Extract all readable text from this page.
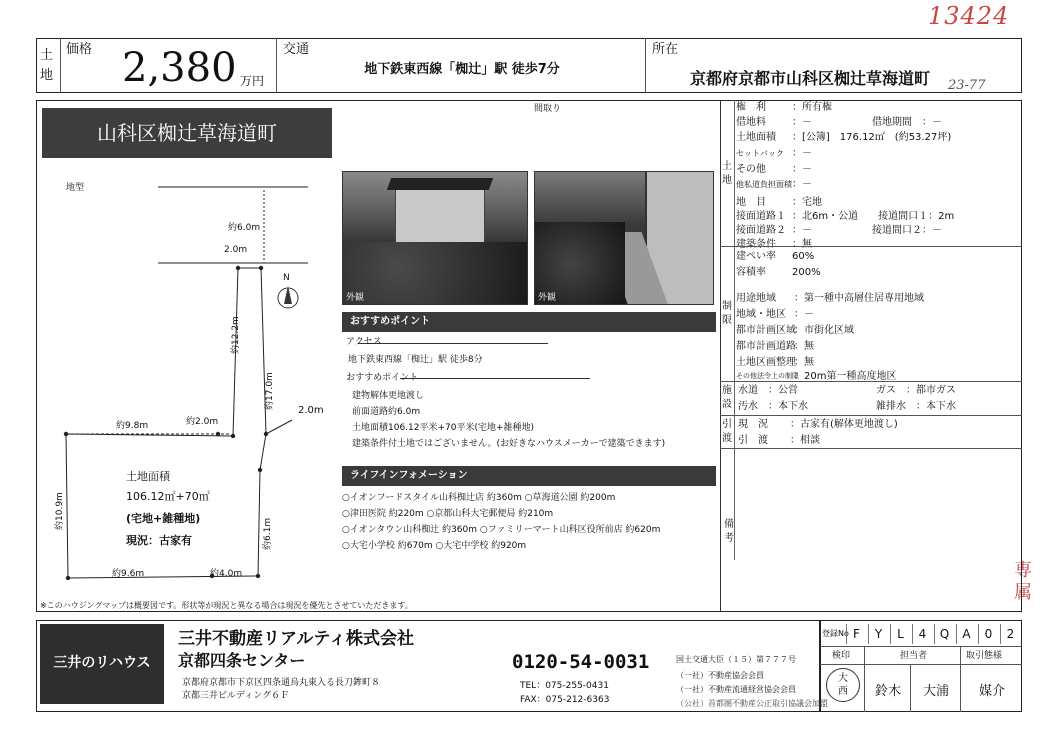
13424
23-77
専属
土
地
価格 2,380 万円
交通
地下鉄東西線「椥辻」駅 徒歩7分
所在
京都府京都市山科区椥辻草海道町
山科区椥辻草海道町
間取り
地型
N
約6.0m
2.0m
約12.2m
約17.0m
2.0m
約9.8m	約2.0m
約10.9m
約6.1m
約9.6m	約4.0m
土地面積
106.12㎡+70㎡
(宅地+雑種地)
現況：古家有
外観	外観
おすすめポイント
アクセス
地下鉄東西線「椥辻」駅 徒歩8分
おすすめポイント
建物解体更地渡し
前面道路約6.0m
土地面積106.12平米+70平米(宅地+雑種地)
建築条件付土地ではございません。(お好きなハウスメーカーで建築できます)
ライフインフォメーション
○イオンフードスタイル山科椥辻店 約360m ○草海道公園 約200m
○津田医院 約220m ○京都山科大宅郵便局 約210m
○イオンタウン山科椥辻 約360m ○ファミリーマート山科区役所前店 約620m
○大宅小学校 約670m ○大宅中学校 約920m
※このハウジングマップは概要図です。形状等が現況と異なる場合は現況を優先とさせていただきます。
土地
権　利	：所有権
借地料	：－　　　　　　借地期間　：－
土地面積 ：[公簿]　176.12㎡　(約53.27坪)
セットバック ：－
その他	：－
他私道負担面積 ：－
地　目	：宅地
接面道路１ ：北6m・公道　　接道間口１：2m
接面道路２ ：－　　　　　　接道間口２：－
建築条件 ：無
制限
建ぺい率 60%
容積率	200%
用途地域 ：第一種中高層住居専用地域
地域・地区 ：－
都市計画区域
：市街化区域
都市計画道路
：無
土地区画整理
：無
その他法令上の制限
：20m第一種高度地区
施
設
水道　：公営	ガス　：都市ガス
汚水　：本下水	雑排水　：本下水
引
渡
現　況 ：古家有(解体更地渡し)
引　渡 ：相談
備
考
三井のリハウス
三井不動産リアルティ株式会社
京都四条センター
京都府京都市下京区四条通烏丸東入る長刀鉾町８
京都三井ビルディング６Ｆ
0120-54-0031
TEL：075-255-0431
FAX：075-212-6363
国土交通大臣（１５）第７７７号
（一社）不動産協会会員
（一社）不動産流通経営協会会員
（公社）首都圏不動産公正取引協議会加盟
登録No F	Y	L	4	Q	A	0	2
検印	担当者	取引態様
大西	鈴木	大浦	媒介
